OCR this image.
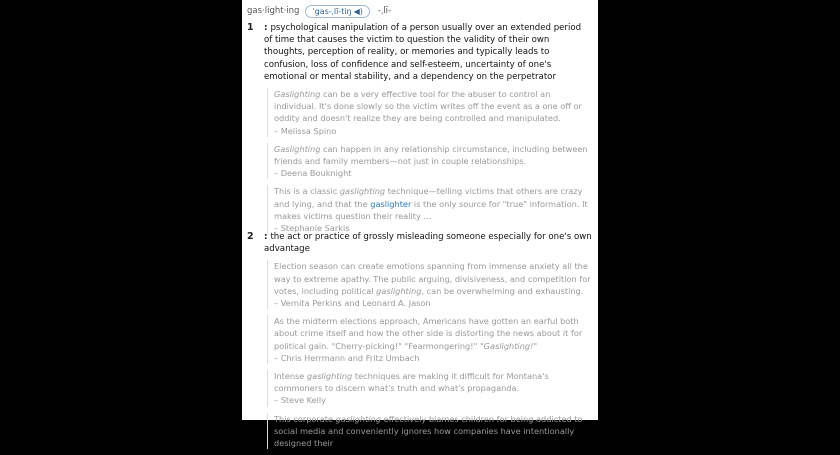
gas·light·ing ˈgas-ˌlī-tiŋ ◀) -ˌlī-
1 : psychological manipulation of a person usually over an extended period of time that causes the victim to question the validity of their own thoughts, perception of reality, or memories and typically leads to confusion, loss of confidence and self-esteem, uncertainty of one's emotional or mental stability, and a dependency on the perpetrator
Gaslighting can be a very effective tool for the abuser to control an individual. It's done slowly so the victim writes off the event as a one off or oddity and doesn't realize they are being controlled and manipulated.
– Melissa Spino
Gaslighting can happen in any relationship circumstance, including between friends and family members—not just in couple relationships.
– Deena Bouknight
This is a classic gaslighting technique—telling victims that others are crazy and lying, and that the gaslighter is the only source for "true" information. It makes victims question their reality …
– Stephanie Sarkis
2 : the act or practice of grossly misleading someone especially for one's own advantage
Election season can create emotions spanning from immense anxiety all the way to extreme apathy. The public arguing, divisiveness, and competition for votes, including political gaslighting, can be overwhelming and exhausting.
– Vernita Perkins and Leonard A. Jason
As the midterm elections approach, Americans have gotten an earful both about crime itself and how the other side is distorting the news about it for political gain. "Cherry-picking!" "Fearmongering!" "Gaslighting!"
– Chris Herrmann and Fritz Umbach
Intense gaslighting techniques are making it difficult for Montana's commoners to discern what's truth and what's propaganda.
– Steve Kelly
This corporate gaslighting effectively blames children for being addicted to social media and conveniently ignores how companies have intentionally designed their
